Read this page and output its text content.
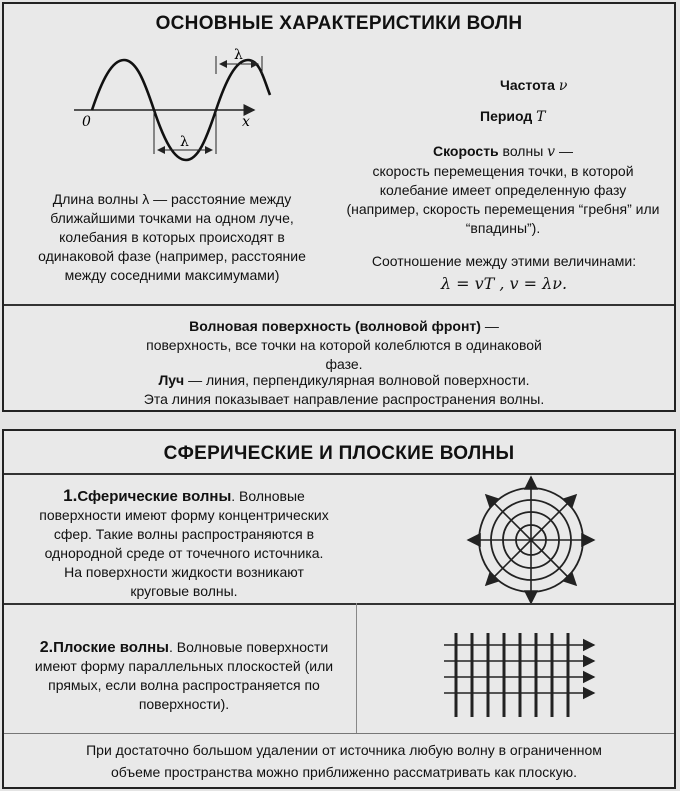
ОСНОВНЫЕ ХАРАКТЕРИСТИКИ ВОЛН
0	x
λ
λ
Частота ν
Период T
Скорость волны v —
скорость перемещения точки, в которой колебание имеет определенную фазу (например, скорость перемещения “гребня” или “впадины”).
Соотношение между этими величинами:
λ = vT , v = λν.
Длина волны λ — расстояние между ближайшими точками на одном луче, колебания в которых происходят в одинаковой фазе (например, расстояние между соседними максимумами)
Волновая поверхность (волновой фронт) —
поверхность, все точки на которой колеблются в одинаковой фазе.
Луч — линия, перпендикулярная волновой поверхности.
Эта линия показывает направление распространения волны.
СФЕРИЧЕСКИЕ И ПЛОСКИЕ ВОЛНЫ
1.Сферические волны. Волновые поверхности имеют форму концентрических сфер. Такие волны распространяются в однородной среде от точечного источника.
На поверхности жидкости возникают круговые волны.
2.Плоские волны. Волновые поверхности имеют форму параллельных плоскостей (или прямых, если волна распространяется по поверхности).
При достаточно большом удалении от источника любую волну в ограниченном объеме пространства можно приближенно рассматривать как плоскую.
